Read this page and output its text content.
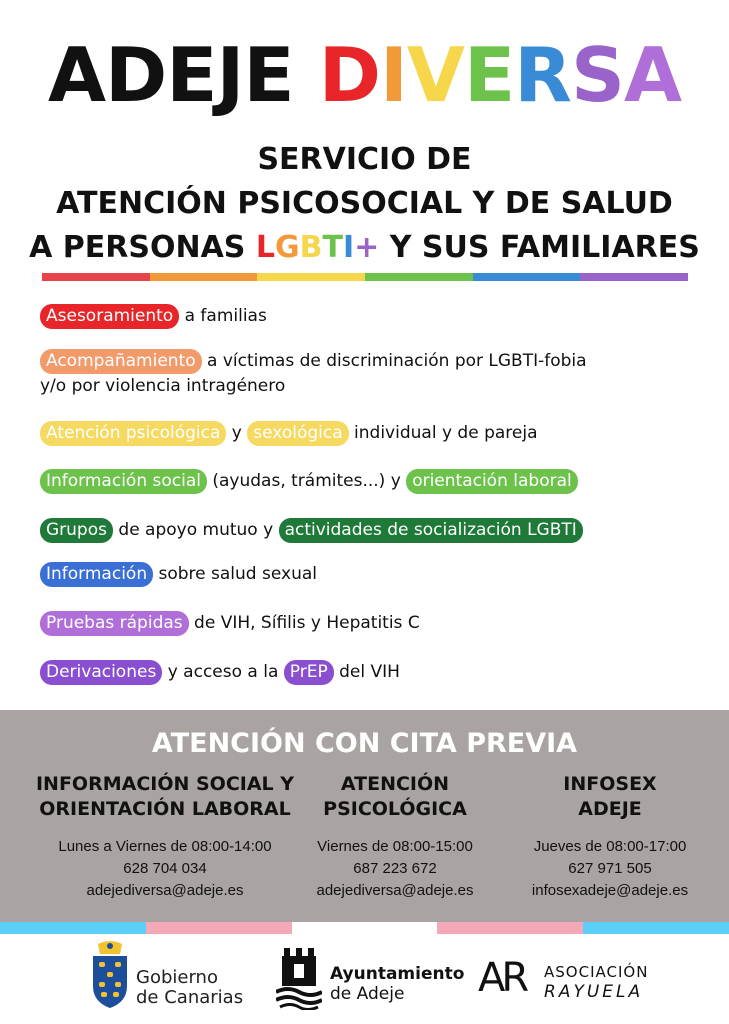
ADEJE DIVERSA
SERVICIO DE
ATENCIÓN PSICOSOCIAL Y DE SALUD
A PERSONAS LGBTI+ Y SUS FAMILIARES
Asesoramiento a familias
Acompañamiento a víctimas de discriminación por LGBTI-fobia
y/o por violencia intragénero
Atención psicológica y sexológica individual y de pareja
Información social (ayudas, trámites...) y orientación laboral
Grupos de apoyo mutuo y actividades de socialización LGBTI
Información sobre salud sexual
Pruebas rápidas de VIH, Sífilis y Hepatitis C
Derivaciones y acceso a la PrEP del VIH
ATENCIÓN CON CITA PREVIA
INFORMACIÓN SOCIAL Y
ORIENTACIÓN LABORAL
Lunes a Viernes de 08:00-14:00
628 704 034
adejediversa@adeje.es
ATENCIÓN
PSICOLÓGICA
Viernes de 08:00-15:00
687 223 672
adejediversa@adeje.es
INFOSEX
ADEJE
Jueves de 08:00-17:00
627 971 505
infosexadeje@adeje.es
Gobierno
de Canarias
Ayuntamiento
de Adeje	AR ASOCIACIÓN
RAYUELA
